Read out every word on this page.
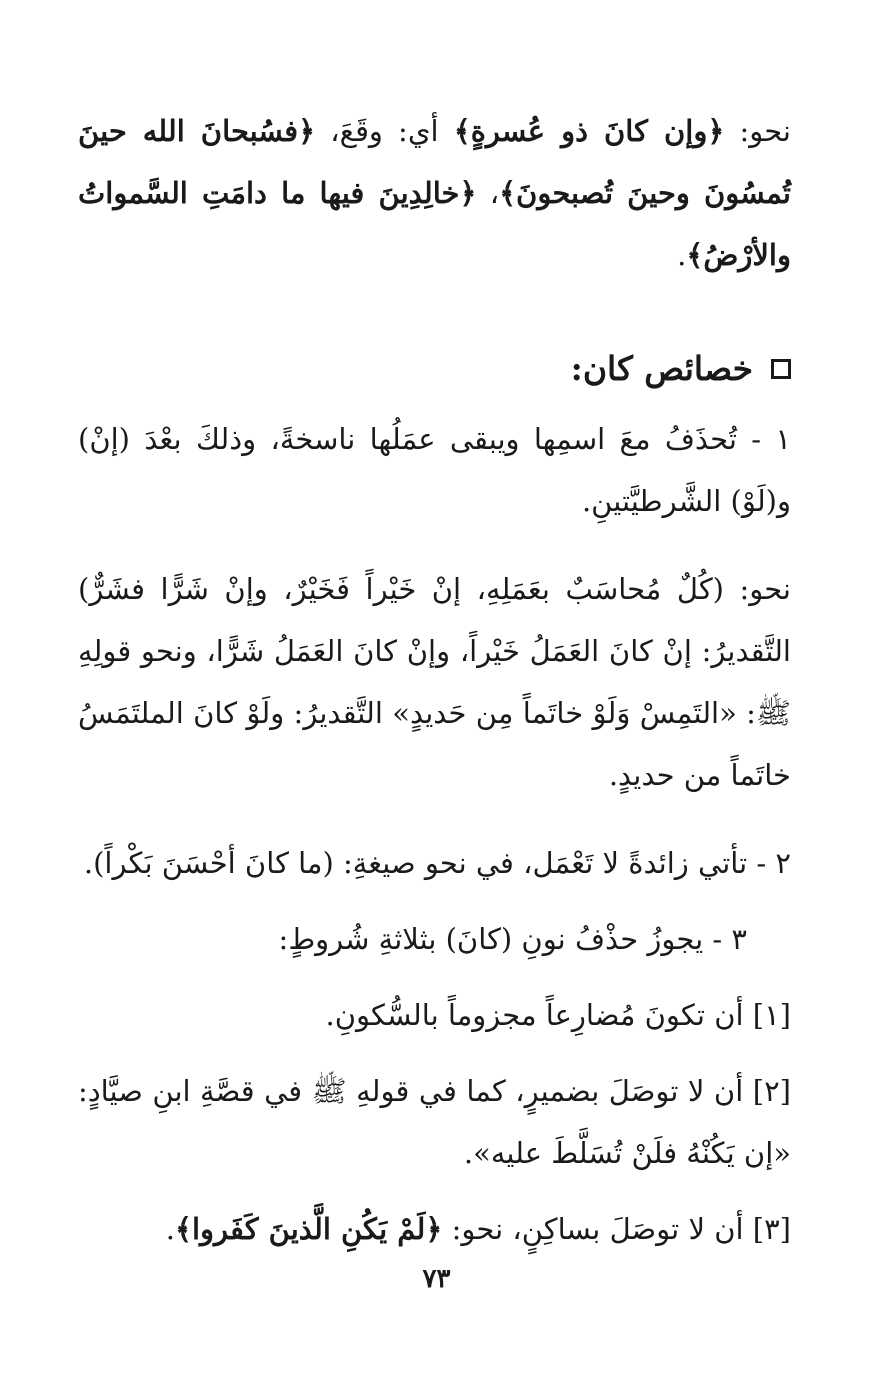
نحو: ﴿وإن كانَ ذو عُسرةٍ﴾ أي: وقَعَ، ﴿فسُبحانَ الله حينَ تُمسُونَ وحينَ تُصبحونَ﴾، ﴿خالِدِينَ فيها ما دامَتِ السَّمواتُ والأرْضُ﴾.

خصائص كان:

١ - تُحذَفُ معَ اسمِها ويبقى عمَلُها ناسخةً، وذلكَ بعْدَ (إنْ) و(لَوْ) الشَّرطيَّتينِ.

نحو: (كُلٌ مُحاسَبٌ بعَمَلِهِ، إنْ خَيْراً فَخَيْرٌ، وإنْ شَرًّا فشَرٌّ) التَّقديرُ: إنْ كانَ العَمَلُ خَيْراً، وإنْ كانَ العَمَلُ شَرًّا، ونحو قولِهِ ﷺ: «التَمِسْ وَلَوْ خاتَماً مِن حَديدٍ» التَّقديرُ: ولَوْ كانَ الملتَمَسُ خاتَماً من حديدٍ.

٢ - تأتي زائدةً لا تَعْمَل، في نحو صيغةِ: (ما كانَ أحْسَنَ بَكْراً).

٣ - يجوزُ حذْفُ نونِ (كانَ) بثلاثةِ شُروطٍ:

[١] أن تكونَ مُضارِعاً مجزوماً بالسُّكونِ.

[٢] أن لا توصَلَ بضميرٍ، كما في قولهِ ﷺ في قصَّةِ ابنِ صيَّادٍ: «إن يَكُنْهُ فلَنْ تُسَلَّطَ عليه».

[٣] أن لا توصَلَ بساكِنٍ، نحو: ﴿لَمْ يَكُنِ الَّذينَ كَفَروا﴾.

٧٣
